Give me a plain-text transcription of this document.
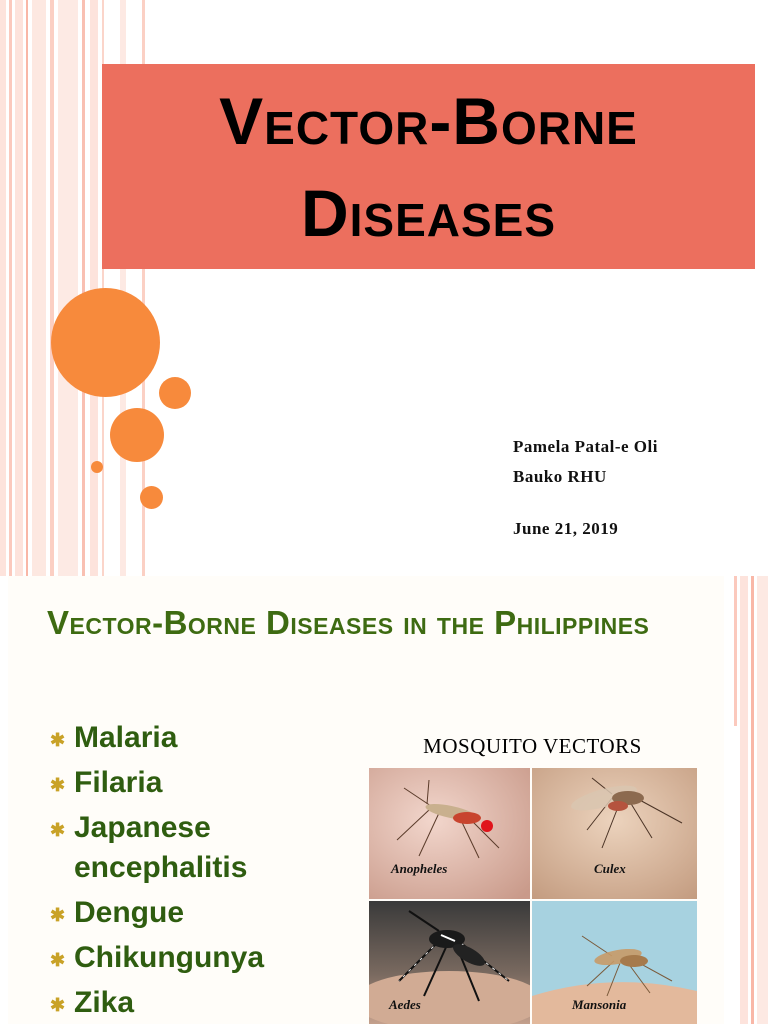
Vector-Borne
Diseases
Pamela Patal-e Oli
Bauko RHU
June 21, 2019
Vector-Borne Diseases in the Philippines
✱ Malaria
✱ Filaria
✱ Japanese encephalitis
✱ Dengue
✱ Chikungunya
✱ Zika
MOSQUITO VECTORS
Anopheles	Culex
Aedes	Mansonia
